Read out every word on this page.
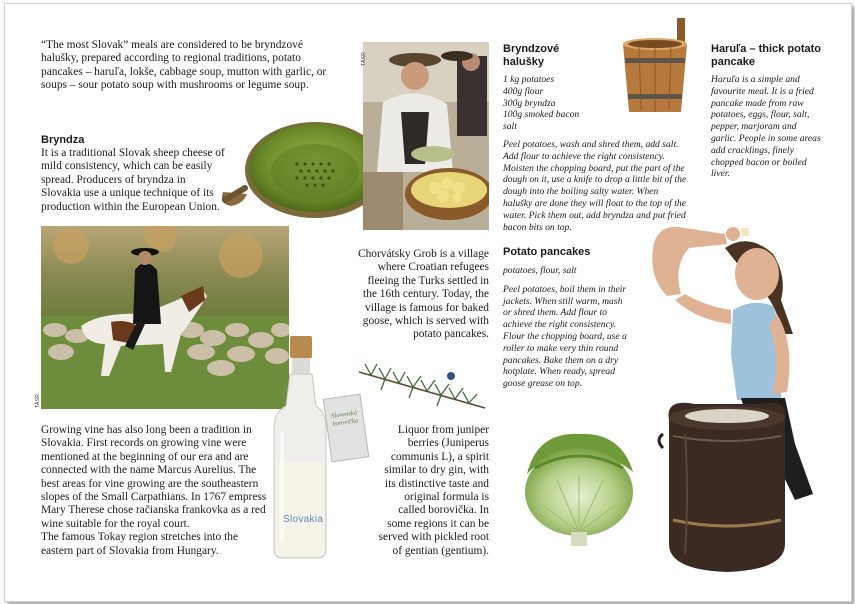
“The most Slovak” meals are considered to be bryndzové halušky, prepared according to regional traditions, potato pancakes – haruľa, lokše, cabbage soup, mutton with garlic, or soups – sour potato soup with mushrooms or legume soup.

Bryndza

It is a traditional Slovak sheep cheese of mild consistency, which can be easily spread. Producers of bryndza in Slovakia use a unique technique of its production within the European Union.

TASR
Bryndzové halušky
1 kg potatoes
400g flour
300g bryndza
100g smoked bacon
salt

Peel potatoes, wash and shred them, add salt. Add flour to achieve the right consistency. Moisten the chopping board, put the part of the dough on it, use a knife to drop a little bit of the dough into the boiling salty water. When halušky are done they will float to the top of the water. Pick them out, add bryndza and put fried bacon bits on top.

Haruľa – thick potato pancake

Haruľa is a simple and favourite meal. It is a fried pancake made from raw potatoes, eggs, flour, salt, pepper, marjoram and garlic. People in some areas add cracklings, finely chopped bacon or boiled liver.

TASR

Chorvátsky Grob is a village where Croatian refugees fleeing the Turks settled in the 16th century. Today, the village is famous for baked goose, which is served with potato pancakes.

Potato pancakes

potatoes, flour, salt

Peel potatoes, boil them in their jackets. When still warm, mash or shred them. Add flour to achieve the right consistency. Flour the chopping board, use a roller to make very thin round pancakes. Bake them on a dry hotplate. When ready, spread goose grease on top.

Slovakia
Slovenská borovička

Growing vine has also long been a tradition in Slovakia. First records on growing vine were mentioned at the beginning of our era and are connected with the name Marcus Aurelius. The best areas for vine growing are the southeastern slopes of the Small Carpathians. In 1767 empress Mary Therese chose račianska frankovka as a red wine suitable for the royal court.

The famous Tokay region stretches into the eastern part of Slovakia from Hungary.

Liquor from juniper berries (Juniperus communis L), a spirit similar to dry gin, with its distinctive taste and original formula is called borovička. In some regions it can be served with pickled root of gentian (gentium).
